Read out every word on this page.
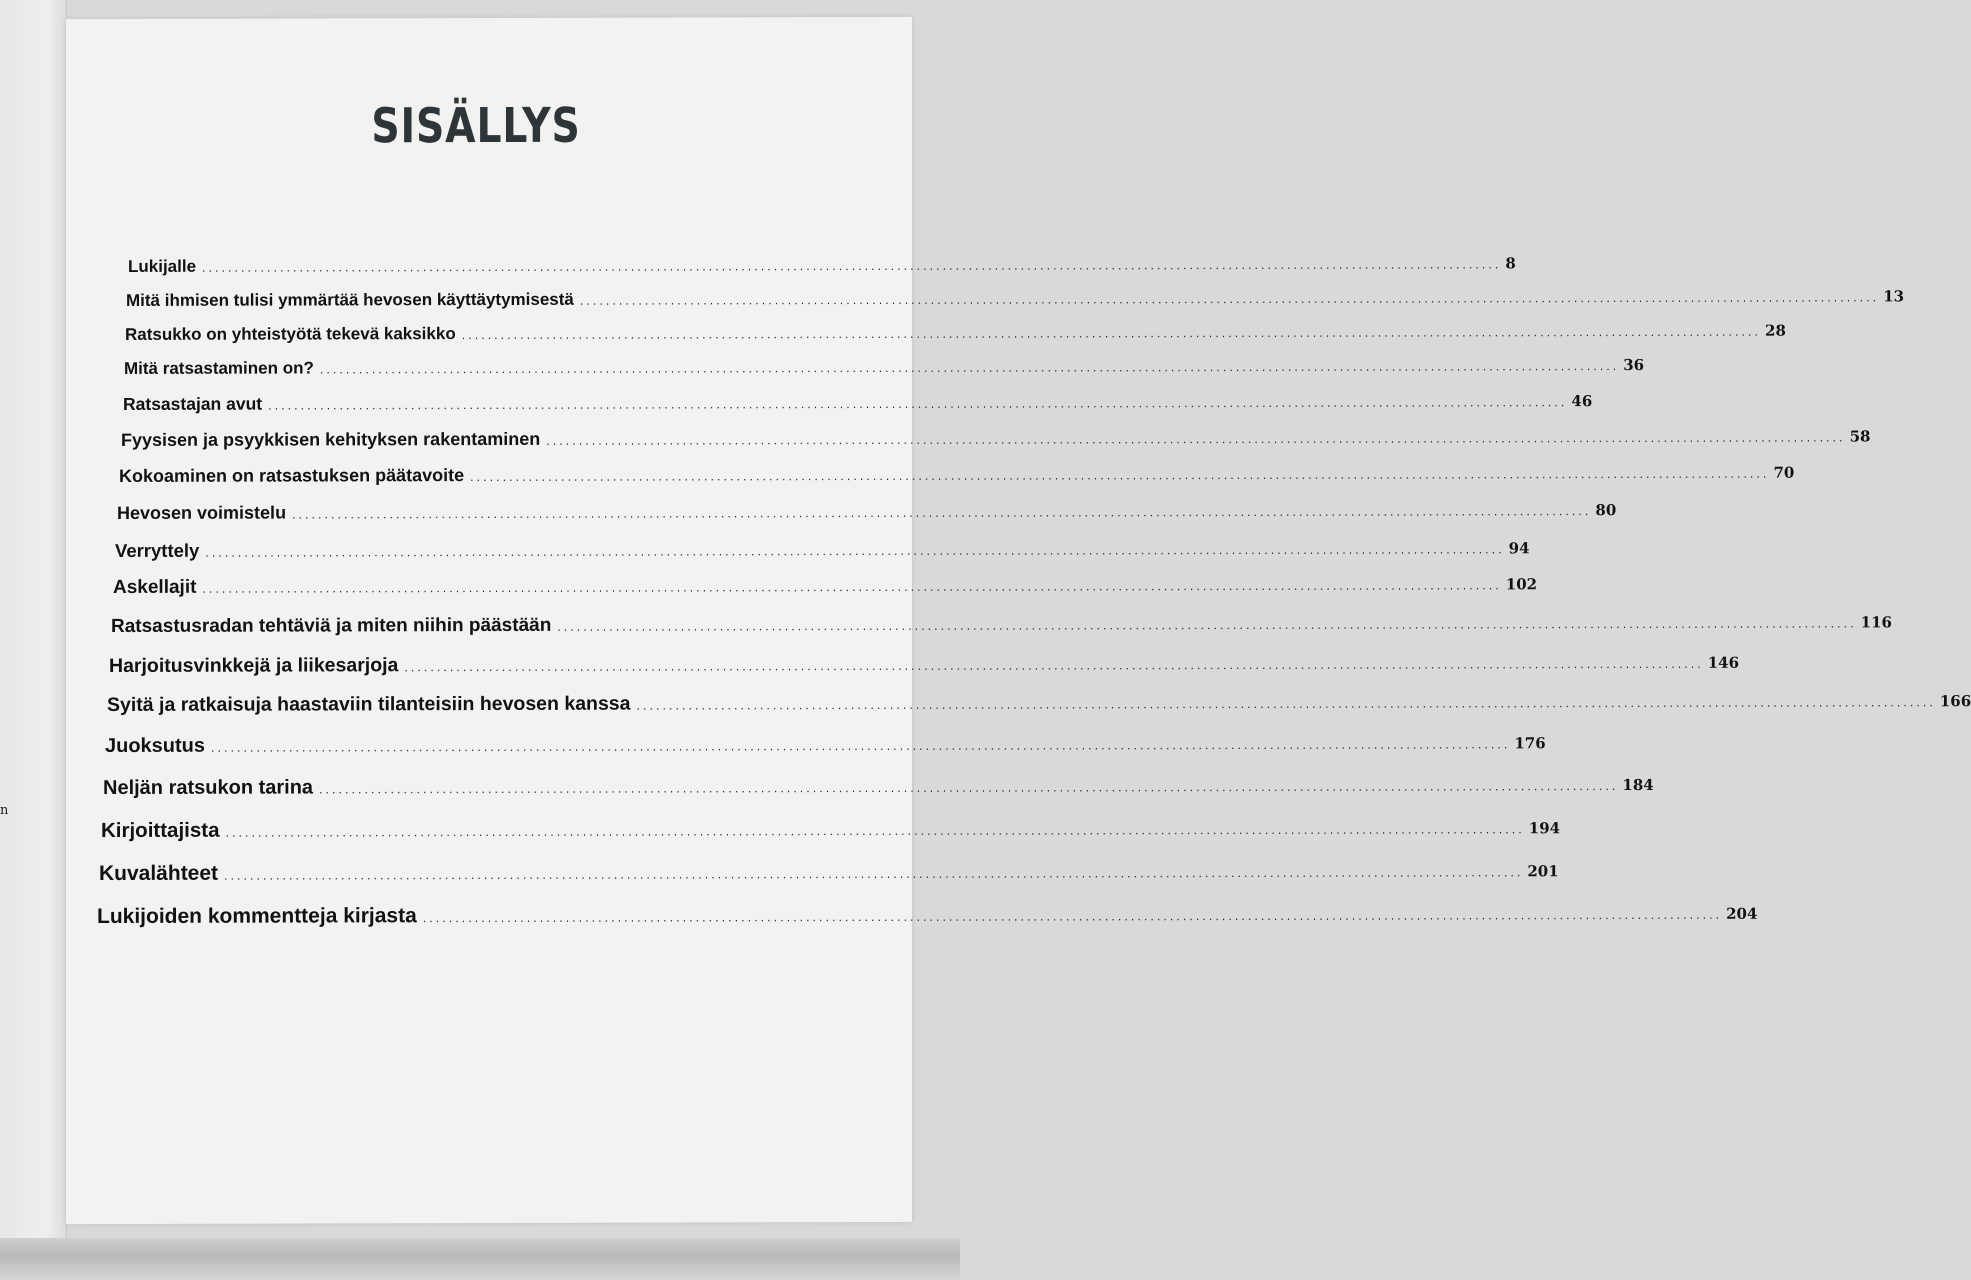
n
SISÄLLYS
Lukijalle ........................................................................................................................................................................................................ 8
Mitä ihmisen tulisi ymmärtää hevosen käyttäytymisestä ........................................................................................................................................................................................................ 13
Ratsukko on yhteistyötä tekevä kaksikko ........................................................................................................................................................................................................ 28
Mitä ratsastaminen on? ........................................................................................................................................................................................................ 36
Ratsastajan avut ........................................................................................................................................................................................................ 46
Fyysisen ja psyykkisen kehityksen rakentaminen ........................................................................................................................................................................................................ 58
Kokoaminen on ratsastuksen päätavoite ........................................................................................................................................................................................................ 70
Hevosen voimistelu ........................................................................................................................................................................................................ 80
Verryttely ........................................................................................................................................................................................................ 94
Askellajit ........................................................................................................................................................................................................ 102
Ratsastusradan tehtäviä ja miten niihin päästään ........................................................................................................................................................................................................ 116
Harjoitusvinkkejä ja liikesarjoja ........................................................................................................................................................................................................ 146
Syitä ja ratkaisuja haastaviin tilanteisiin hevosen kanssa ........................................................................................................................................................................................................ 166
Juoksutus ........................................................................................................................................................................................................ 176
Neljän ratsukon tarina ........................................................................................................................................................................................................ 184
Kirjoittajista ........................................................................................................................................................................................................ 194
Kuvalähteet ........................................................................................................................................................................................................ 201
Lukijoiden kommentteja kirjasta ........................................................................................................................................................................................................ 204
